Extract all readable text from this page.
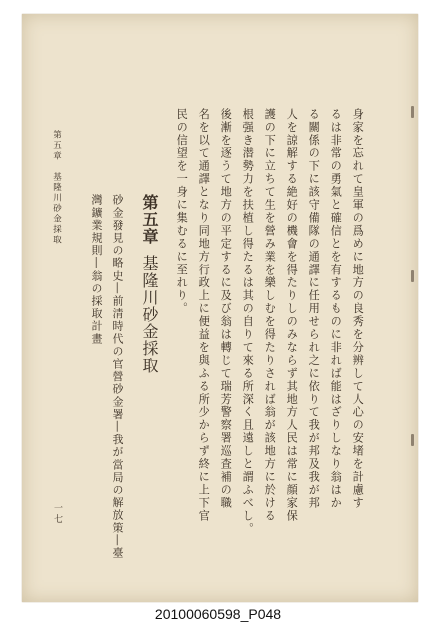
身家を忘れて皇軍の爲めに地方の良秀を分辨して人心の安堵を計慮す
るは非常の勇氣と確信とを有するものに非れば能はざりしなり翁はか
る關係の下に該守備隊の通譯に任用せられ之に依りて我が邦及我が邦
人を諒解する絶好の機會を得たりしのみならず其地方人民は常に顔家保
護の下に立ちて生を營み業を樂しむを得たりされば翁が該地方に於ける
根强き潜勢力を扶植し得たるは其の自りて來る所深く且遠しと謂ふべし。
後漸を逐うて地方の平定するに及び翁は轉じて瑞芳警察署巡査補の職
名を以て通譯となり同地方行政上に便益を與ふる所少からず終に上下官
民の信望を一身に集むるに至れり。
第五章基隆川砂金採取
砂金發見の略史―前清時代の官營砂金署―我が當局の解放策―臺
灣鑛業規則―翁の採取計畫
第五章　基隆川砂金採取
一七
20100060598_P048
